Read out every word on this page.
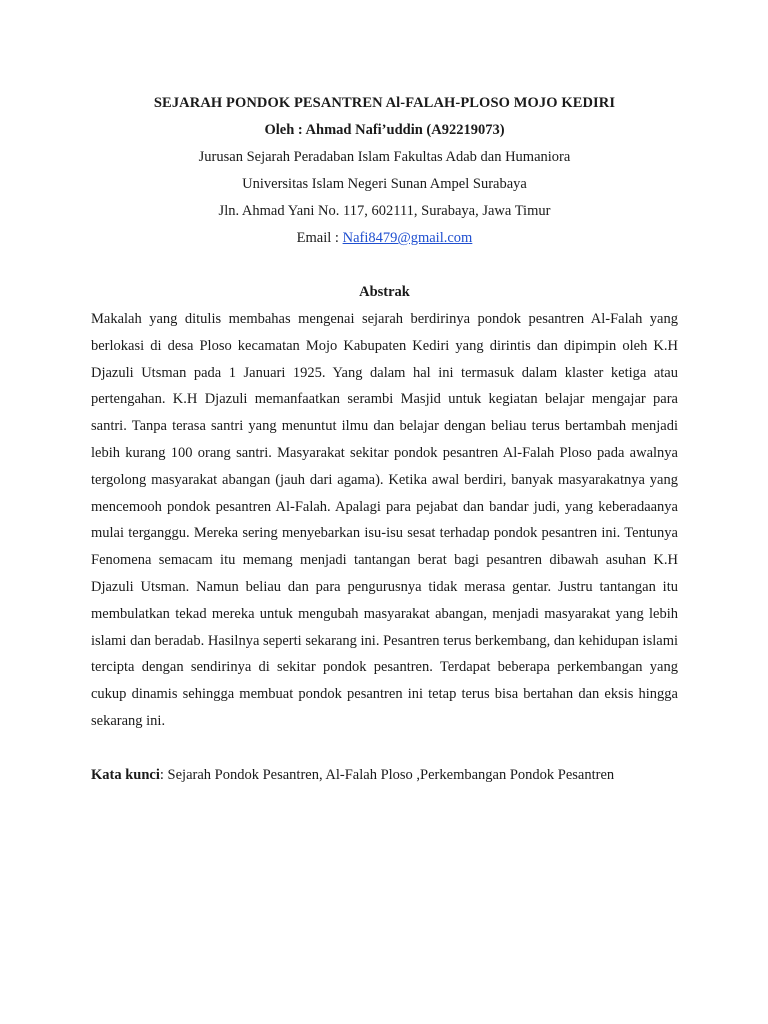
SEJARAH PONDOK PESANTREN Al-FALAH-PLOSO MOJO KEDIRI
Oleh : Ahmad Nafi’uddin (A92219073)
Jurusan Sejarah Peradaban Islam Fakultas Adab dan Humaniora
Universitas Islam Negeri Sunan Ampel Surabaya
Jln. Ahmad Yani No. 117, 602111, Surabaya, Jawa Timur
Email : Nafi8479@gmail.com
Abstrak

Makalah yang ditulis membahas mengenai sejarah berdirinya pondok pesantren Al-Falah yang berlokasi di desa Ploso kecamatan Mojo Kabupaten Kediri yang dirintis dan dipimpin oleh K.H Djazuli Utsman pada 1 Januari 1925. Yang dalam hal ini termasuk dalam klaster ketiga atau pertengahan. K.H Djazuli memanfaatkan serambi Masjid untuk kegiatan belajar mengajar para santri. Tanpa terasa santri yang menuntut ilmu dan belajar dengan beliau terus bertambah menjadi lebih kurang 100 orang santri. Masyarakat sekitar pondok pesantren Al-Falah Ploso pada awalnya tergolong masyarakat abangan (jauh dari agama). Ketika awal berdiri, banyak masyarakatnya yang mencemooh pondok pesantren Al-Falah. Apalagi para pejabat dan bandar judi, yang keberadaanya mulai terganggu. Mereka sering menyebarkan isu-isu sesat terhadap pondok pesantren ini. Tentunya Fenomena semacam itu memang menjadi tantangan berat bagi pesantren dibawah asuhan K.H Djazuli Utsman. Namun beliau dan para pengurusnya tidak merasa gentar. Justru tantangan itu membulatkan tekad mereka untuk mengubah masyarakat abangan, menjadi masyarakat yang lebih islami dan beradab. Hasilnya seperti sekarang ini. Pesantren terus berkembang, dan kehidupan islami tercipta dengan sendirinya di sekitar pondok pesantren. Terdapat beberapa perkembangan yang cukup dinamis sehingga membuat pondok pesantren ini tetap terus bisa bertahan dan eksis hingga sekarang ini.

Kata kunci: Sejarah Pondok Pesantren, Al-Falah Ploso ,Perkembangan Pondok Pesantren
